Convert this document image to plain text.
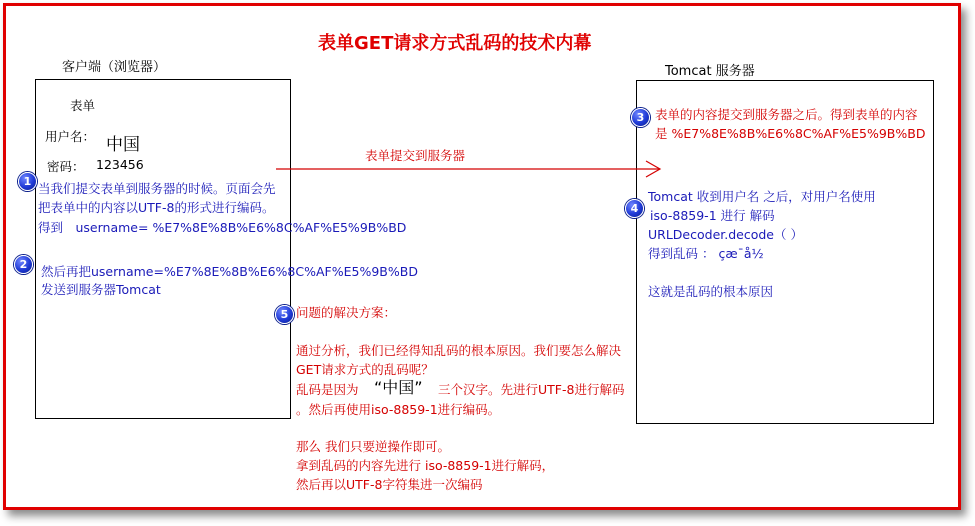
表单GET请求方式乱码的技术内幕
客户端（浏览器）
表单
用户名： 中国
密码： 123456
Tomcat 服务器
表单提交到服务器
1 当我们提交表单到服务器的时候。页面会先
把表单中的内容以UTF-8的形式进行编码。
得到　username= %E7%8E%8B%E6%8C%AF%E5%9B%BD
2	然后再把username=%E7%8E%8B%E6%8C%AF%E5%9B%BD
发送到服务器Tomcat
3 表单的内容提交到服务器之后。得到表单的内容
是 %E7%8E%8B%E6%8C%AF%E5%9B%BD
4
Tomcat 收到用户名 之后，对用户名使用
iso-8859-1 进行 解码
URLDecoder.decode（ ）
得到乱码 ： çæ¯å½
这就是乱码的根本原因
5 问题的解决方案：
通过分析，我们已经得知乱码的根本原因。我们要怎么解决
GET请求方式的乱码呢？
乱码是因为 “中国” 三个汉字。先进行UTF-8进行解码
。然后再使用iso-8859-1进行编码。
那么 我们只要逆操作即可。
拿到乱码的内容先进行 iso-8859-1进行解码，
然后再以UTF-8字符集进一次编码
